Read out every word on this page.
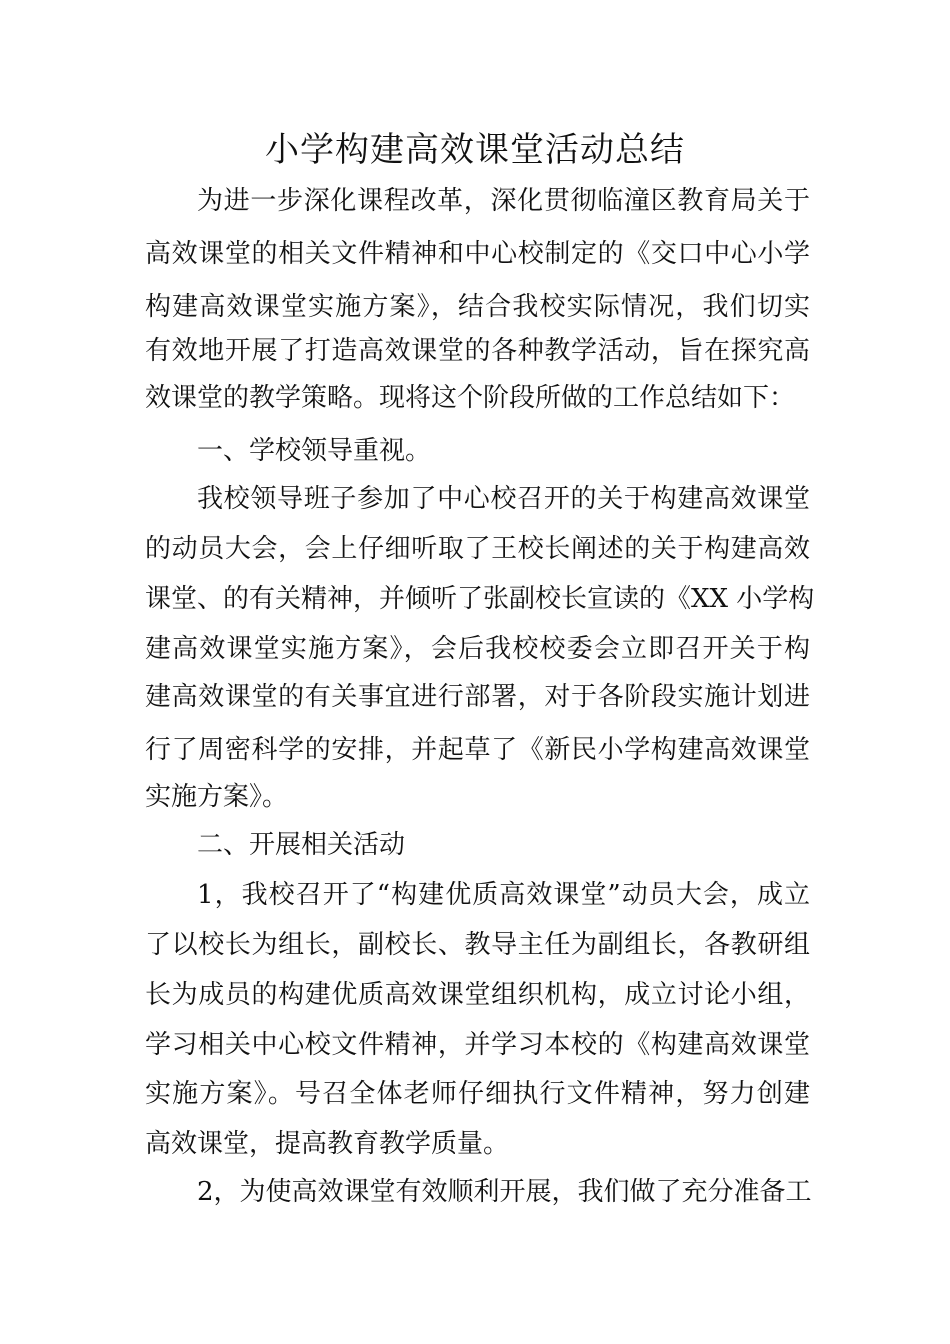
小学构建高效课堂活动总结
为进一步深化课程改革，深化贯彻临潼区教育局关于
高效课堂的相关文件精神和中心校制定的《交口中心小学
构建高效课堂实施方案》，结合我校实际情况，我们切实
有效地开展了打造高效课堂的各种教学活动，旨在探究高
效课堂的教学策略。现将这个阶段所做的工作总结如下：
一、学校领导重视。
我校领导班子参加了中心校召开的关于构建高效课堂
的动员大会，会上仔细听取了王校长阐述的关于构建高效
课堂、的有关精神，并倾听了张副校长宣读的《XX 小学构
建高效课堂实施方案》，会后我校校委会立即召开关于构
建高效课堂的有关事宜进行部署，对于各阶段实施计划进
行了周密科学的安排，并起草了《新民小学构建高效课堂
实施方案》。
二、开展相关活动
1，我校召开了“构建优质高效课堂”动员大会，成立
了以校长为组长，副校长、教导主任为副组长，各教研组
长为成员的构建优质高效课堂组织机构，成立讨论小组，
学习相关中心校文件精神，并学习本校的《构建高效课堂
实施方案》。号召全体老师仔细执行文件精神，努力创建
高效课堂，提高教育教学质量。
2，为使高效课堂有效顺利开展，我们做了充分准备工
